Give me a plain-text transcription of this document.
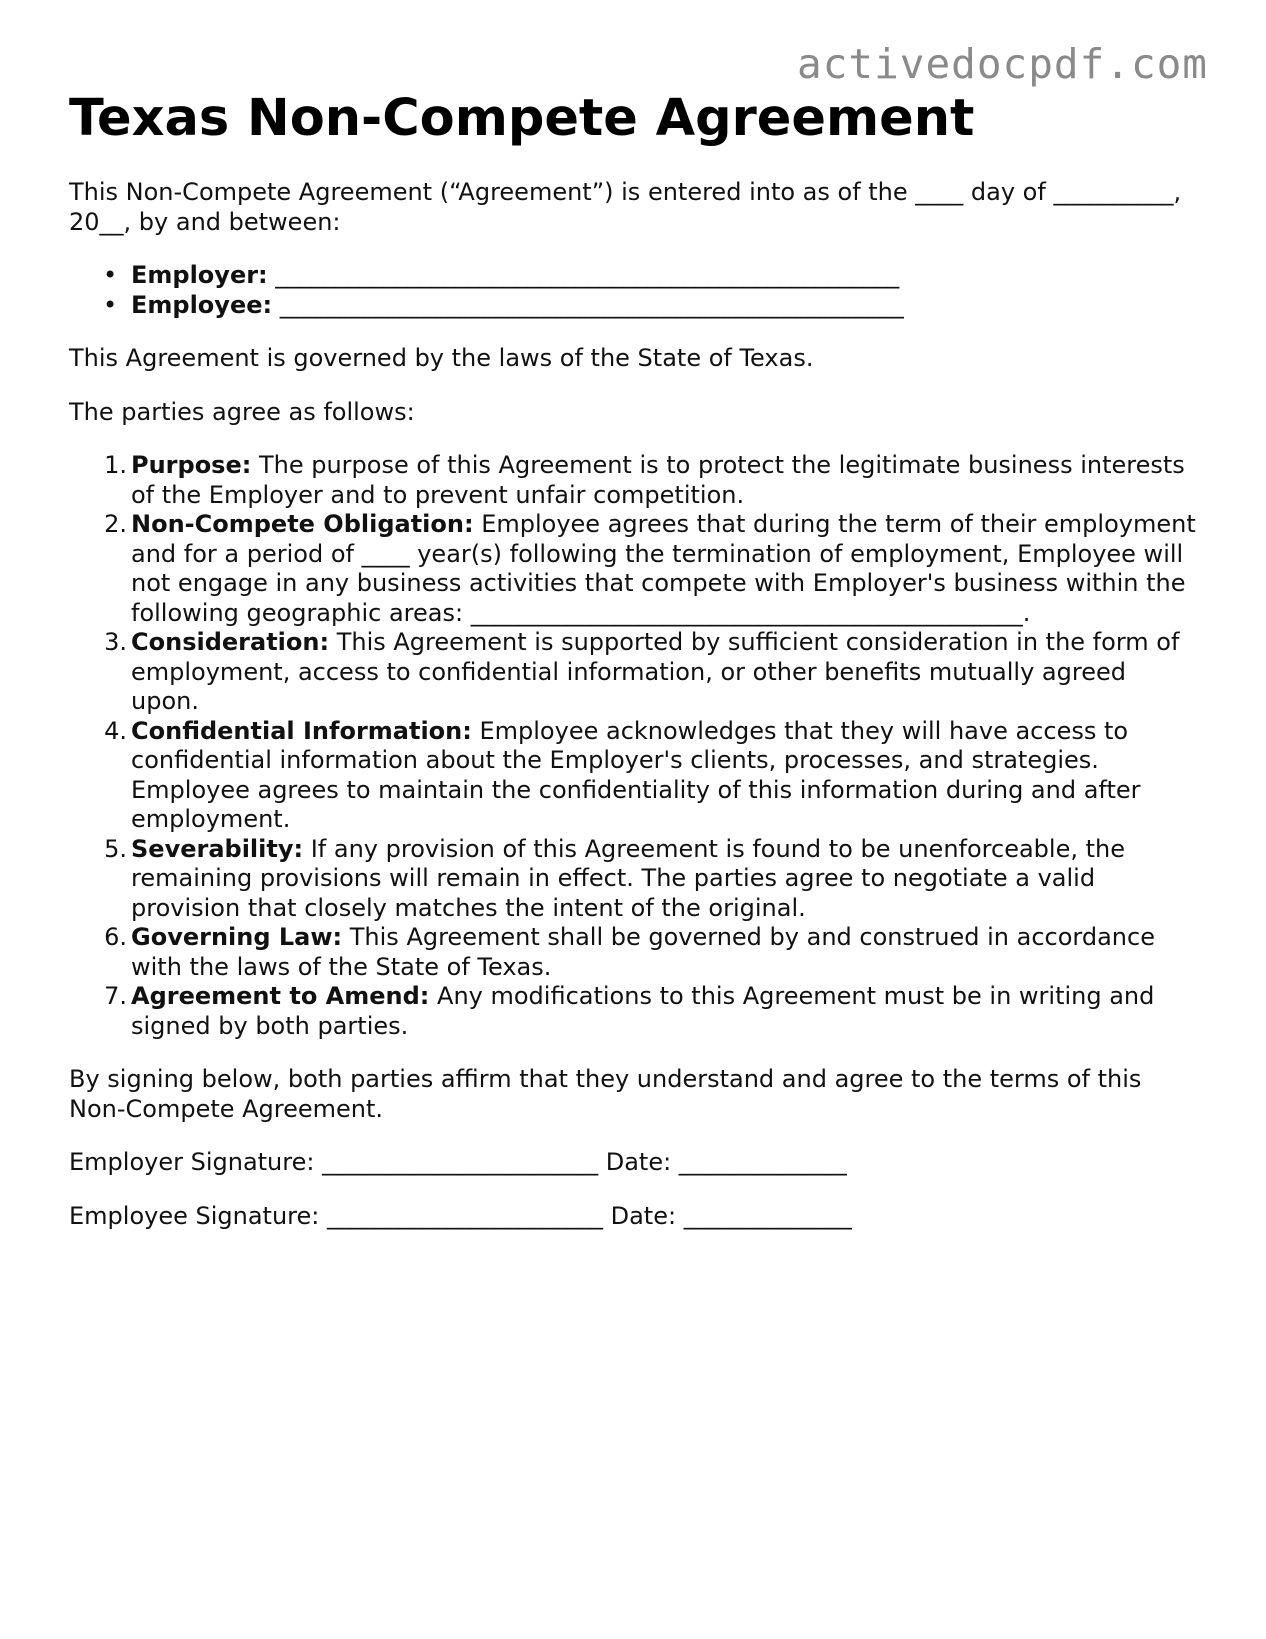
activedocpdf.com
Texas Non-Compete Agreement

This Non-Compete Agreement (“Agreement”) is entered into as of the ____ day of __________, 20__, by and between:

• Employer: ____________________________________________________
• Employee: ____________________________________________________

This Agreement is governed by the laws of the State of Texas.

The parties agree as follows:

1. Purpose: The purpose of this Agreement is to protect the legitimate business interests of the Employer and to prevent unfair competition.
2. Non-Compete Obligation: Employee agrees that during the term of their employment and for a period of ____ year(s) following the termination of employment, Employee will not engage in any business activities that compete with Employer's business within the following geographic areas: ______________________________________________.
3. Consideration: This Agreement is supported by sufficient consideration in the form of employment, access to confidential information, or other benefits mutually agreed upon.
4. Confidential Information: Employee acknowledges that they will have access to confidential information about the Employer's clients, processes, and strategies. Employee agrees to maintain the confidentiality of this information during and after employment.
5. Severability: If any provision of this Agreement is found to be unenforceable, the remaining provisions will remain in effect. The parties agree to negotiate a valid provision that closely matches the intent of the original.
6. Governing Law: This Agreement shall be governed by and construed in accordance with the laws of the State of Texas.
7. Agreement to Amend: Any modifications to this Agreement must be in writing and signed by both parties.

By signing below, both parties affirm that they understand and agree to the terms of this Non-Compete Agreement.

Employer Signature: _______________________ Date: ______________

Employee Signature: _______________________ Date: ______________
